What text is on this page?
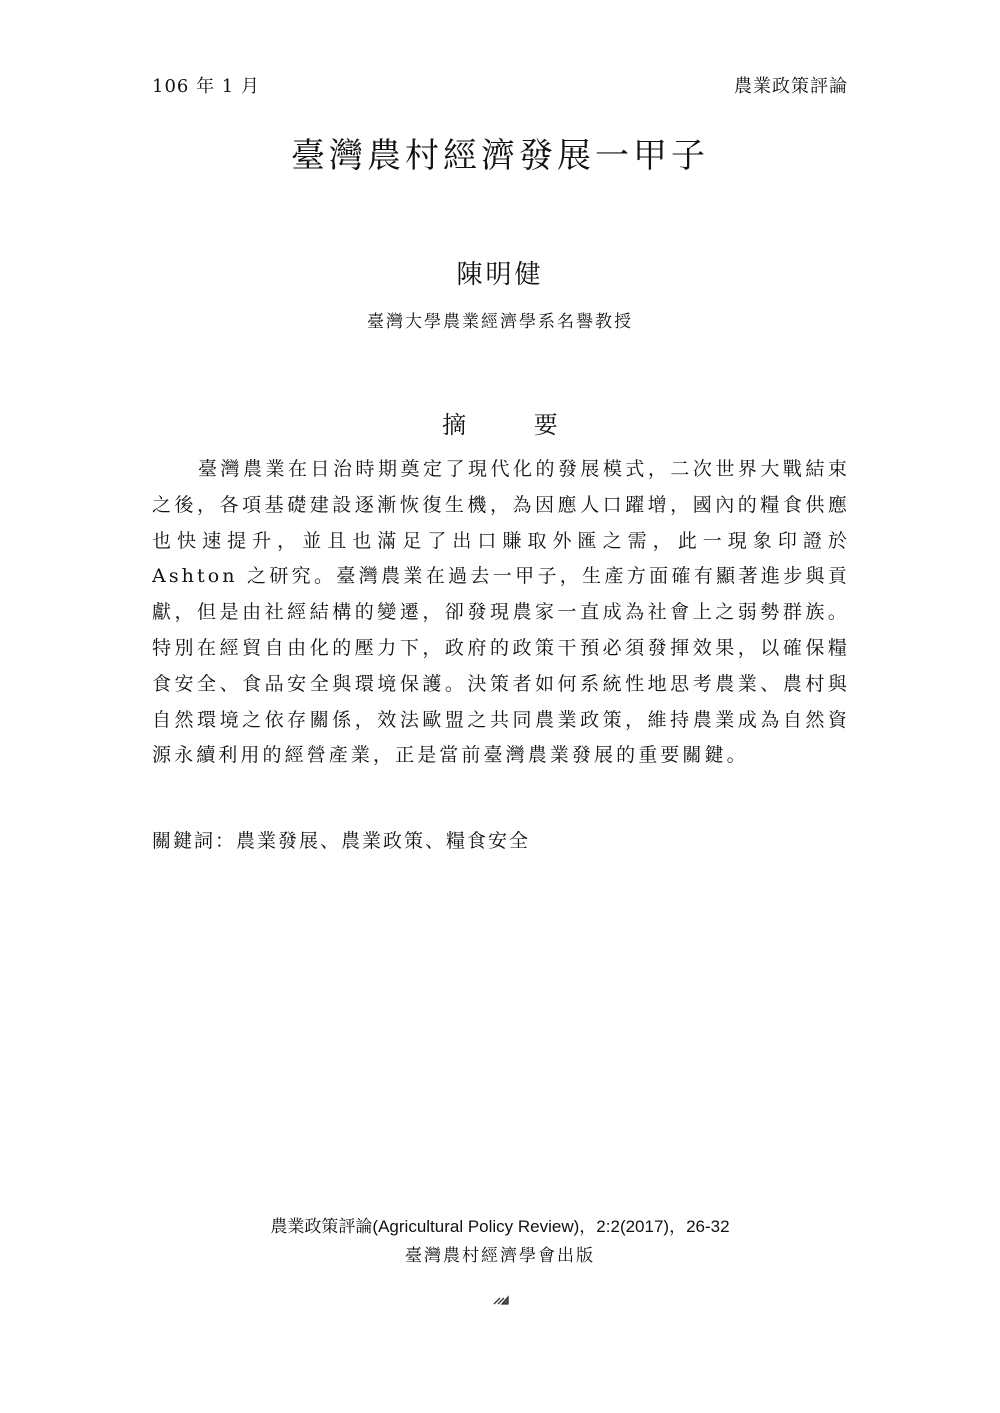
106 年 1 月	農業政策評論
臺灣農村經濟發展一甲子
陳明健
臺灣大學農業經濟學系名譽教授
摘 要

臺灣農業在日治時期奠定了現代化的發展模式，二次世界大戰結束之後，各項基礎建設逐漸恢復生機，為因應人口躍增，國內的糧食供應也快速提升，並且也滿足了出口賺取外匯之需，此一現象印證於 Ashton 之研究。臺灣農業在過去一甲子，生產方面確有顯著進步與貢獻，但是由社經結構的變遷，卻發現農家一直成為社會上之弱勢群族。特別在經貿自由化的壓力下，政府的政策干預必須發揮效果，以確保糧食安全、食品安全與環境保護。決策者如何系統性地思考農業、農村與自然環境之依存關係，效法歐盟之共同農業政策，維持農業成為自然資源永續利用的經營產業，正是當前臺灣農業發展的重要關鍵。

關鍵詞：農業發展、農業政策、糧食安全
農業政策評論(Agricultural Policy Review)，2:2(2017)，26-32
臺灣農村經濟學會出版
